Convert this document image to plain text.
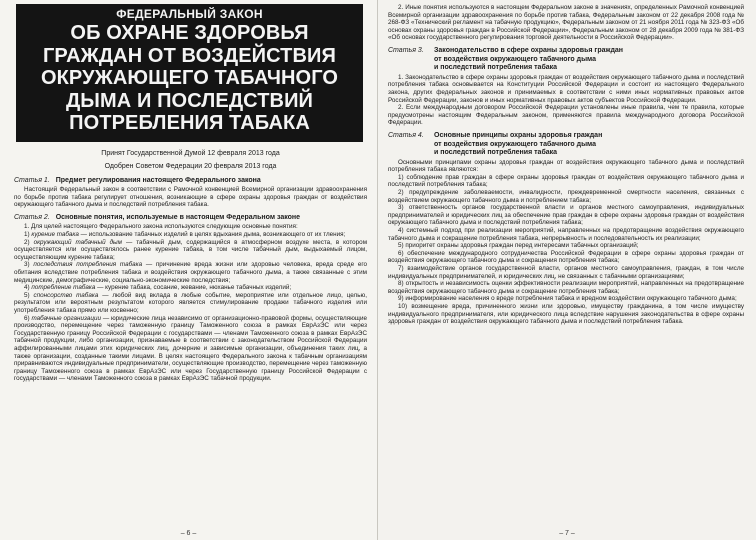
ФЕДЕРАЛЬНЫЙ ЗАКОН
ОБ ОХРАНЕ ЗДОРОВЬЯ ГРАЖДАН ОТ ВОЗДЕЙСТВИЯ ОКРУЖАЮЩЕГО ТАБАЧНОГО ДЫМА И ПОСЛЕДСТВИЙ ПОТРЕБЛЕНИЯ ТАБАКА

Принят Государственной Думой 12 февраля 2013 года

Одобрен Советом Федерации 20 февраля 2013 года

Статья 1. Предмет регулирования настоящего Федерального закона

Настоящий Федеральный закон в соответствии с Рамочной конвенцией Всемирной организации здравоохранения по борьбе против табака регулирует отношения, возникающие в сфере охраны здоровья граждан от воздействия окружающего табачного дыма и последствий потребления табака.

Статья 2. Основные понятия, используемые в настоящем Федеральном законе

1. Для целей настоящего Федерального закона используются следующие основные понятия:

1) курение табака — использование табачных изделий в целях вдыхания дыма, возникающего от их тления;

2) окружающий табачный дым — табачный дым, содержащийся в атмосферном воздухе места, в котором осуществляется или осуществлялось ранее курение табака, в том числе табачный дым, выдыхаемый лицом, осуществляющим курение табака;

3) последствия потребления табака — причинение вреда жизни или здоровью человека, вреда среде его обитания вследствие потребления табака и воздействия окружающего табачного дыма, а также связанные с этим медицинские, демографические, социально-экономические последствия;

4) потребление табака — курение табака, сосание, жевание, нюханье табачных изделий;

5) спонсорство табака — любой вид вклада в любые событие, мероприятие или отдельное лицо, целью, результатом или вероятным результатом которого является стимулирование продажи табачного изделия или употребления табака прямо или косвенно;

6) табачные организации — юридические лица независимо от организационно-правовой формы, осуществляющие производство, перемещение через таможенную границу Таможенного союза в рамках ЕврАзЭС или через Государственную границу Российской Федерации с государствами — членами Таможенного союза в рамках ЕврАзЭС табачной продукции, либо организации, признаваемые в соответствии с законодательством Российской Федерации аффилированными лицами этих юридических лиц, дочерние и зависимые организации, объединения таких лиц, а также организации, созданные такими лицами. В целях настоящего Федерального закона к табачным организациям приравниваются индивидуальные предприниматели, осуществляющие производство, перемещение через таможенную границу Таможенного союза в рамках ЕврАзЭС или через Государственную границу Российской Федерации с государствами — членами Таможенного союза в рамках ЕврАзЭС табачной продукции.

– 6 –

2. Иные понятия используются в настоящем Федеральном законе в значениях, определенных Рамочной конвенцией Всемирной организации здравоохранения по борьбе против табака, Федеральным законом от 22 декабря 2008 года № 268-ФЗ «Технический регламент на табачную продукцию», Федеральным законом от 21 ноября 2011 года № 323-ФЗ «Об основах охраны здоровья граждан в Российской Федерации», Федеральным законом от 28 декабря 2009 года № 381-ФЗ «Об основах государственного регулирования торговой деятельности в Российской Федерации».

Статья 3. Законодательство в сфере охраны здоровья граждан
от воздействия окружающего табачного дыма
и последствий потребления табака

1. Законодательство в сфере охраны здоровья граждан от воздействия окружающего табачного дыма и последствий потребления табака основывается на Конституции Российской Федерации и состоит из настоящего Федерального закона, других федеральных законов и принимаемых в соответствии с ними иных нормативных правовых актов Российской Федерации, законов и иных нормативных правовых актов субъектов Российской Федерации.

2. Если международным договором Российской Федерации установлены иные правила, чем те правила, которые предусмотрены настоящим Федеральным законом, применяются правила международного договора Российской Федерации.

Статья 4. Основные принципы охраны здоровья граждан
от воздействия окружающего табачного дыма
и последствий потребления табака

Основными принципами охраны здоровья граждан от воздействия окружающего табачного дыма и последствий потребления табака являются:

1) соблюдение прав граждан в сфере охраны здоровья граждан от воздействия окружающего табачного дыма и последствий потребления табака;

2) предупреждение заболеваемости, инвалидности, преждевременной смертности населения, связанных с воздействием окружающего табачного дыма и потреблением табака;

3) ответственность органов государственной власти и органов местного самоуправления, индивидуальных предпринимателей и юридических лиц за обеспечение прав граждан в сфере охраны здоровья граждан от воздействия окружающего табачного дыма и последствий потребления табака;

4) системный подход при реализации мероприятий, направленных на предотвращение воздействия окружающего табачного дыма и сокращение потребления табака, непрерывность и последовательность их реализации;

5) приоритет охраны здоровья граждан перед интересами табачных организаций;

6) обеспечение международного сотрудничества Российской Федерации в сфере охраны здоровья граждан от воздействия окружающего табачного дыма и сокращения потребления табака;

7) взаимодействие органов государственной власти, органов местного самоуправления, граждан, в том числе индивидуальных предпринимателей, и юридических лиц, не связанных с табачными организациями;

8) открытость и независимость оценки эффективности реализации мероприятий, направленных на предотвращение воздействия окружающего табачного дыма и сокращение потребления табака;

9) информирование населения о вреде потребления табака и вредном воздействии окружающего табачного дыма;

10) возмещение вреда, причиненного жизни или здоровью, имуществу гражданина, в том числе имуществу индивидуального предпринимателя, или юридического лица вследствие нарушения законодательства в сфере охраны здоровья граждан от воздействия окружающего табачного дыма и последствий потребления табака.

– 7 –
